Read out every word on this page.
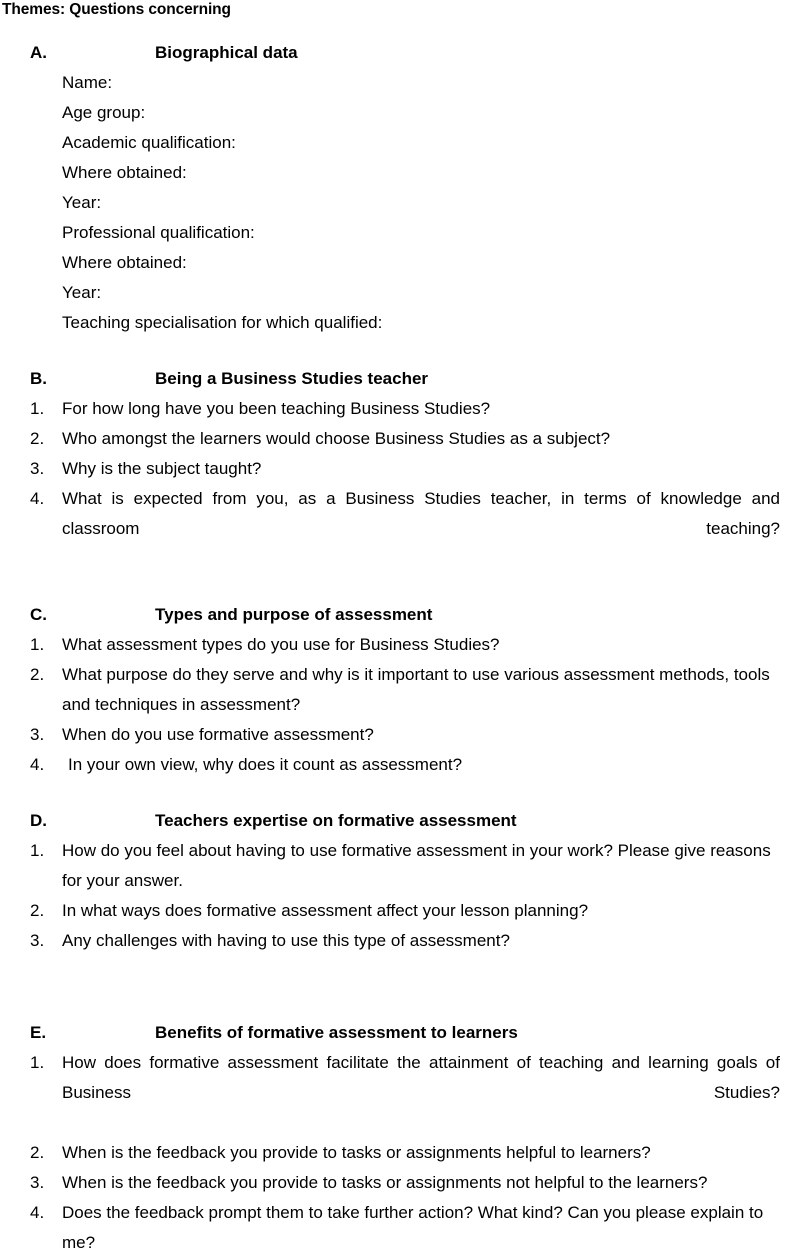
Themes: Questions concerning
A.	Biographical data
Name:
Age group:
Academic qualification:
Where obtained:
Year:
Professional qualification:
Where obtained:
Year:
Teaching specialisation for which qualified:
B.	Being a Business Studies teacher
1.	For how long have you been teaching Business Studies?
2.	Who amongst the learners would choose Business Studies as a subject?
3.	Why is the subject taught?
4.	What is expected from you, as a Business Studies teacher, in terms of knowledge and classroom teaching?
C.	Types and purpose of assessment
1.	What assessment types do you use for Business Studies?
2.	What purpose do they serve and why is it important to use various assessment methods, tools and techniques in assessment?
3.	When do you use formative assessment?
4.	In your own view, why does it count as assessment?
D.	Teachers expertise on formative assessment
1.	How do you feel about having to use formative assessment in your work? Please give reasons for your answer.
2.	In what ways does formative assessment affect your lesson planning?
3.	Any challenges with having to use this type of assessment?
E.	Benefits of formative assessment to learners
1.	How does formative assessment facilitate the attainment of teaching and learning goals of Business Studies?
2.	When is the feedback you provide to tasks or assignments helpful to learners?
3.	When is the feedback you provide to tasks or assignments not helpful to the learners?
4.	Does the feedback prompt them to take further action? What kind? Can you please explain to me?
